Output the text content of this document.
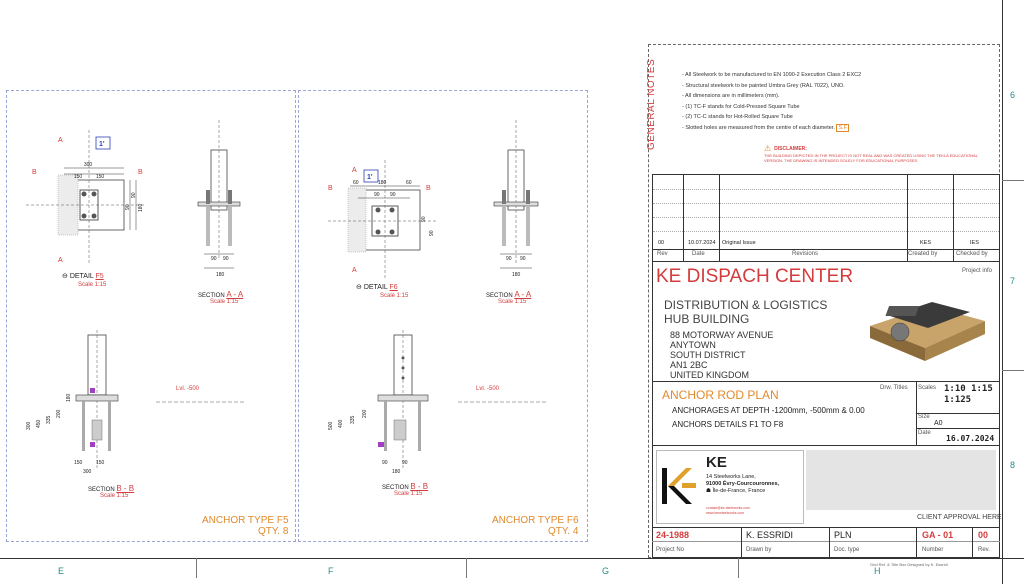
E	F	G	H
6
7
8
300
150	150
90
90
180
A
A
B	B
1'
90 90
180
Lvl. -500
150	150
300
300 450 335
200
180
60	180	60
90 90
90
90
A
A
B	B
1'
90 90
180
Lvl. -500
90	90
180
500 400 335
200
⊖ DETAIL F5
Scale 1:15
SECTION A - A
Scale 1:15
SECTION B - B
Scale 1:15
ANCHOR TYPE F5
QTY. 8
⊖ DETAIL F6
Scale 1:15	SECTION A - A
Scale 1:15
SECTION B - B
Scale 1:15
ANCHOR TYPE F6
QTY. 4
GENERAL NOTES	- All Steelwork to be manufactured to EN 1090-2 Execution Class 2 EXC2
- Structural steelwork to be painted Umbra Grey (RAL 7022), UNO.
- All dimensions are in millimeters (mm).
- (1) TC-F stands for Cold-Pressed Square Tube
- (2) TC-C stands for Hot-Rolled Square Tube
- Slotted holes are measured from the centre of each diameter. S.F
⚠ DISCLAIMER:
THE BUILDING DEPICTED IN THE PROJECT IS NOT REAL AND WAS CREATED USING THE TEKLA EDUCATIONAL VERSION. THE DRAWING IS INTENDED SOLELY FOR EDUCATIONAL PURPOSES.
00	10.07.2024 Original Issue	KES	IES
Rev	Date	Revisions	Created by	Checked by
Project info
KE DISPACH CENTER
DISTRIBUTION & LOGISTICS
HUB BUILDING
88 MOTORWAY AVENUE
ANYTOWN
SOUTH DISTRICT
AN1 2BC
UNITED KINGDOM
Drw. Titles
ANCHOR ROD PLAN
ANCHORAGES AT DEPTH -1200mm, -500mm & 0.00
ANCHORS DETAILS F1 TO F8
Scales 1:10 1:15
1:125
Size
A0
Date
16.07.2024
KE
14 Steelworks Lane,
91000 Évry-Courcouronnes,
☗ Île-de-France, France
contact@ke-steelworks.com
www.kensteelworks.com
CLIENT APPROVAL HERE
24-1988
Project No
K. ESSRIDI
Drawn by
PLN
Doc. type
GA - 01
Number
00
Rev.
Grid Ref. & Title Box Designed by K. Essridi
